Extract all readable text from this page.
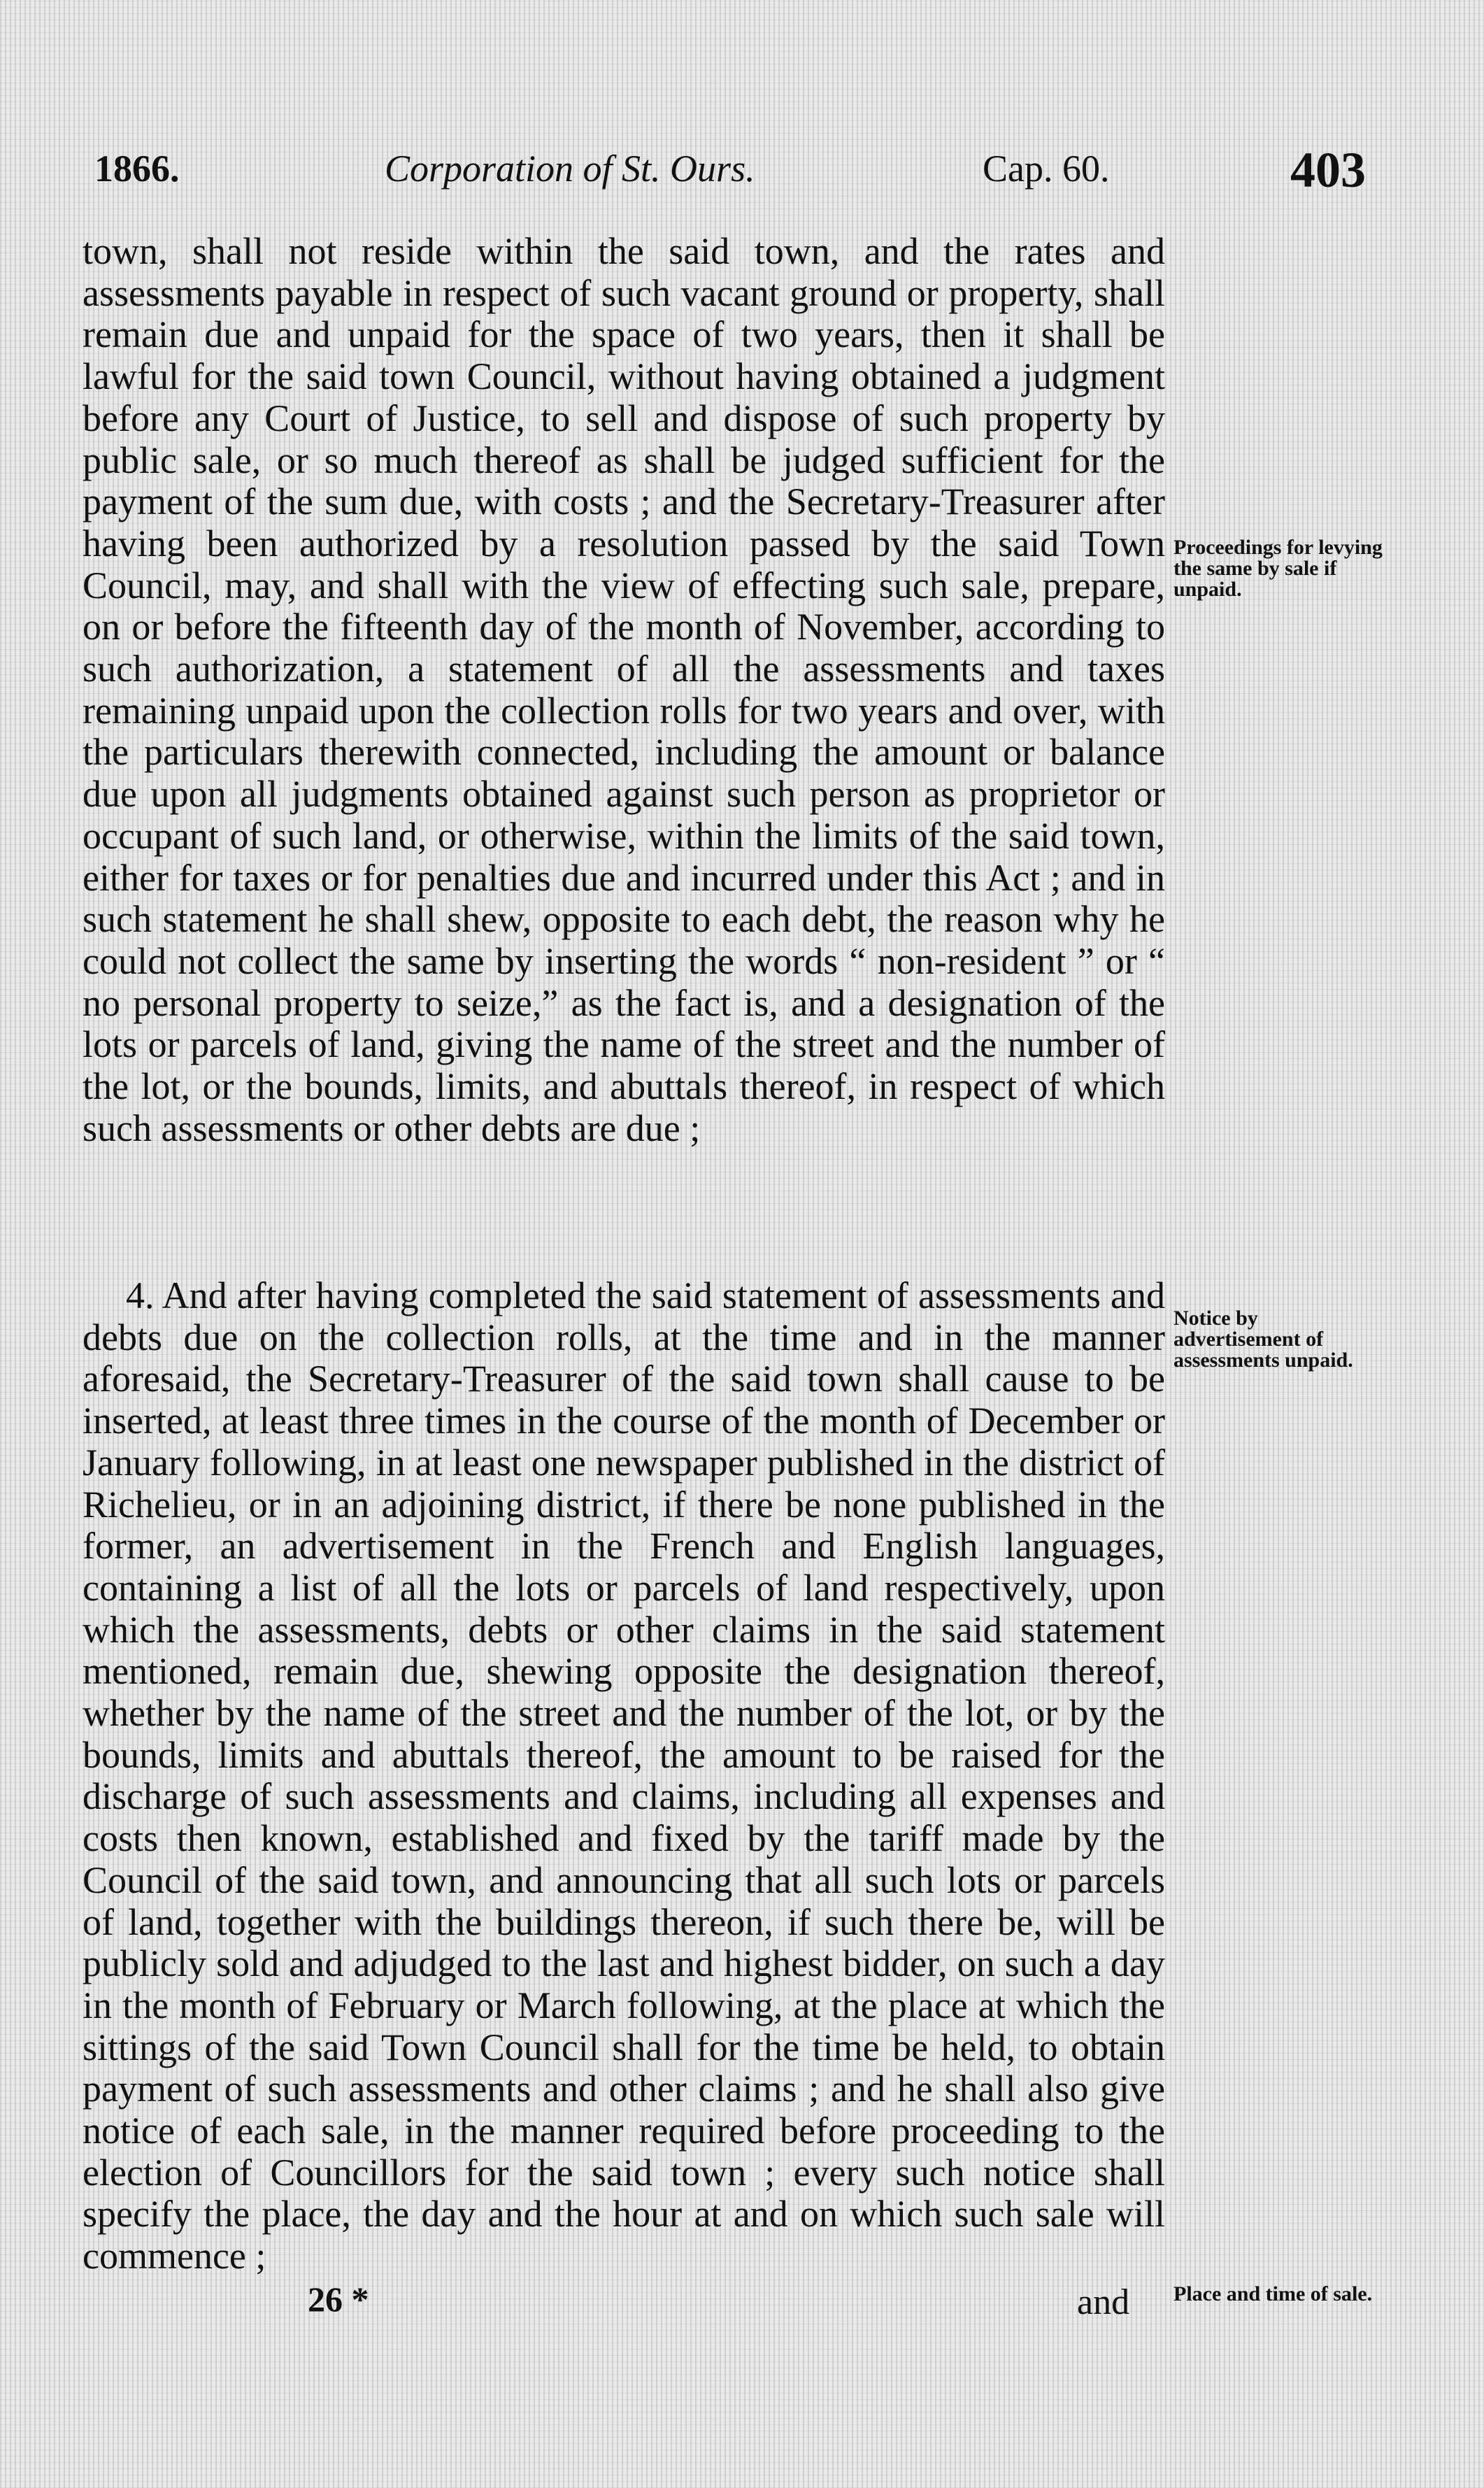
1866.	Corporation of St. Ours.	Cap. 60.	403

town, shall not reside within the said town, and the rates and assessments payable in respect of such vacant ground or property, shall remain due and unpaid for the space of two years, then it shall be lawful for the said town Council, without having obtained a judgment before any Court of Justice, to sell and dispose of such property by public sale, or so much thereof as shall be judged sufficient for the payment of the sum due, with costs ; and the Secretary-Treasurer after having been authorized by a resolution passed by the said Town Council, may, and shall with the view of effecting such sale, prepare, on or before the fifteenth day of the month of November, according to such authorization, a statement of all the assessments and taxes remaining unpaid upon the collection rolls for two years and over, with the particulars therewith connected, including the amount or balance due upon all judgments obtained against such person as proprietor or occupant of such land, or otherwise, within the limits of the said town, either for taxes or for penalties due and incurred under this Act ; and in such statement he shall shew, opposite to each debt, the reason why he could not collect the same by inserting the words “ non-resident ” or “ no personal property to seize,” as the fact is, and a designation of the lots or parcels of land, giving the name of the street and the number of the lot, or the bounds, limits, and abuttals thereof, in respect of which such assessments or other debts are due ;

4. And after having completed the said statement of assessments and debts due on the collection rolls, at the time and in the manner aforesaid, the Secretary-Treasurer of the said town shall cause to be inserted, at least three times in the course of the month of December or January following, in at least one newspaper published in the district of Richelieu, or in an adjoining district, if there be none published in the former, an advertisement in the French and English languages, containing a list of all the lots or parcels of land respectively, upon which the assessments, debts or other claims in the said statement mentioned, remain due, shewing opposite the designation thereof, whether by the name of the street and the number of the lot, or by the bounds, limits and abuttals thereof, the amount to be raised for the discharge of such assessments and claims, including all expenses and costs then known, established and fixed by the tariff made by the Council of the said town, and announcing that all such lots or parcels of land, together with the buildings thereon, if such there be, will be publicly sold and adjudged to the last and highest bidder, on such a day in the month of February or March following, at the place at which the sittings of the said Town Council shall for the time be held, to obtain payment of such assessments and other claims ; and he shall also give notice of each sale, in the manner required before proceeding to the election of Councillors for the said town ; every such notice shall specify the place, the day and the hour at and on which such sale will commence ;

Proceedings for levying the same by sale if unpaid.
Notice by advertisement of assessments unpaid.
Place and time of sale.
26 *	and
